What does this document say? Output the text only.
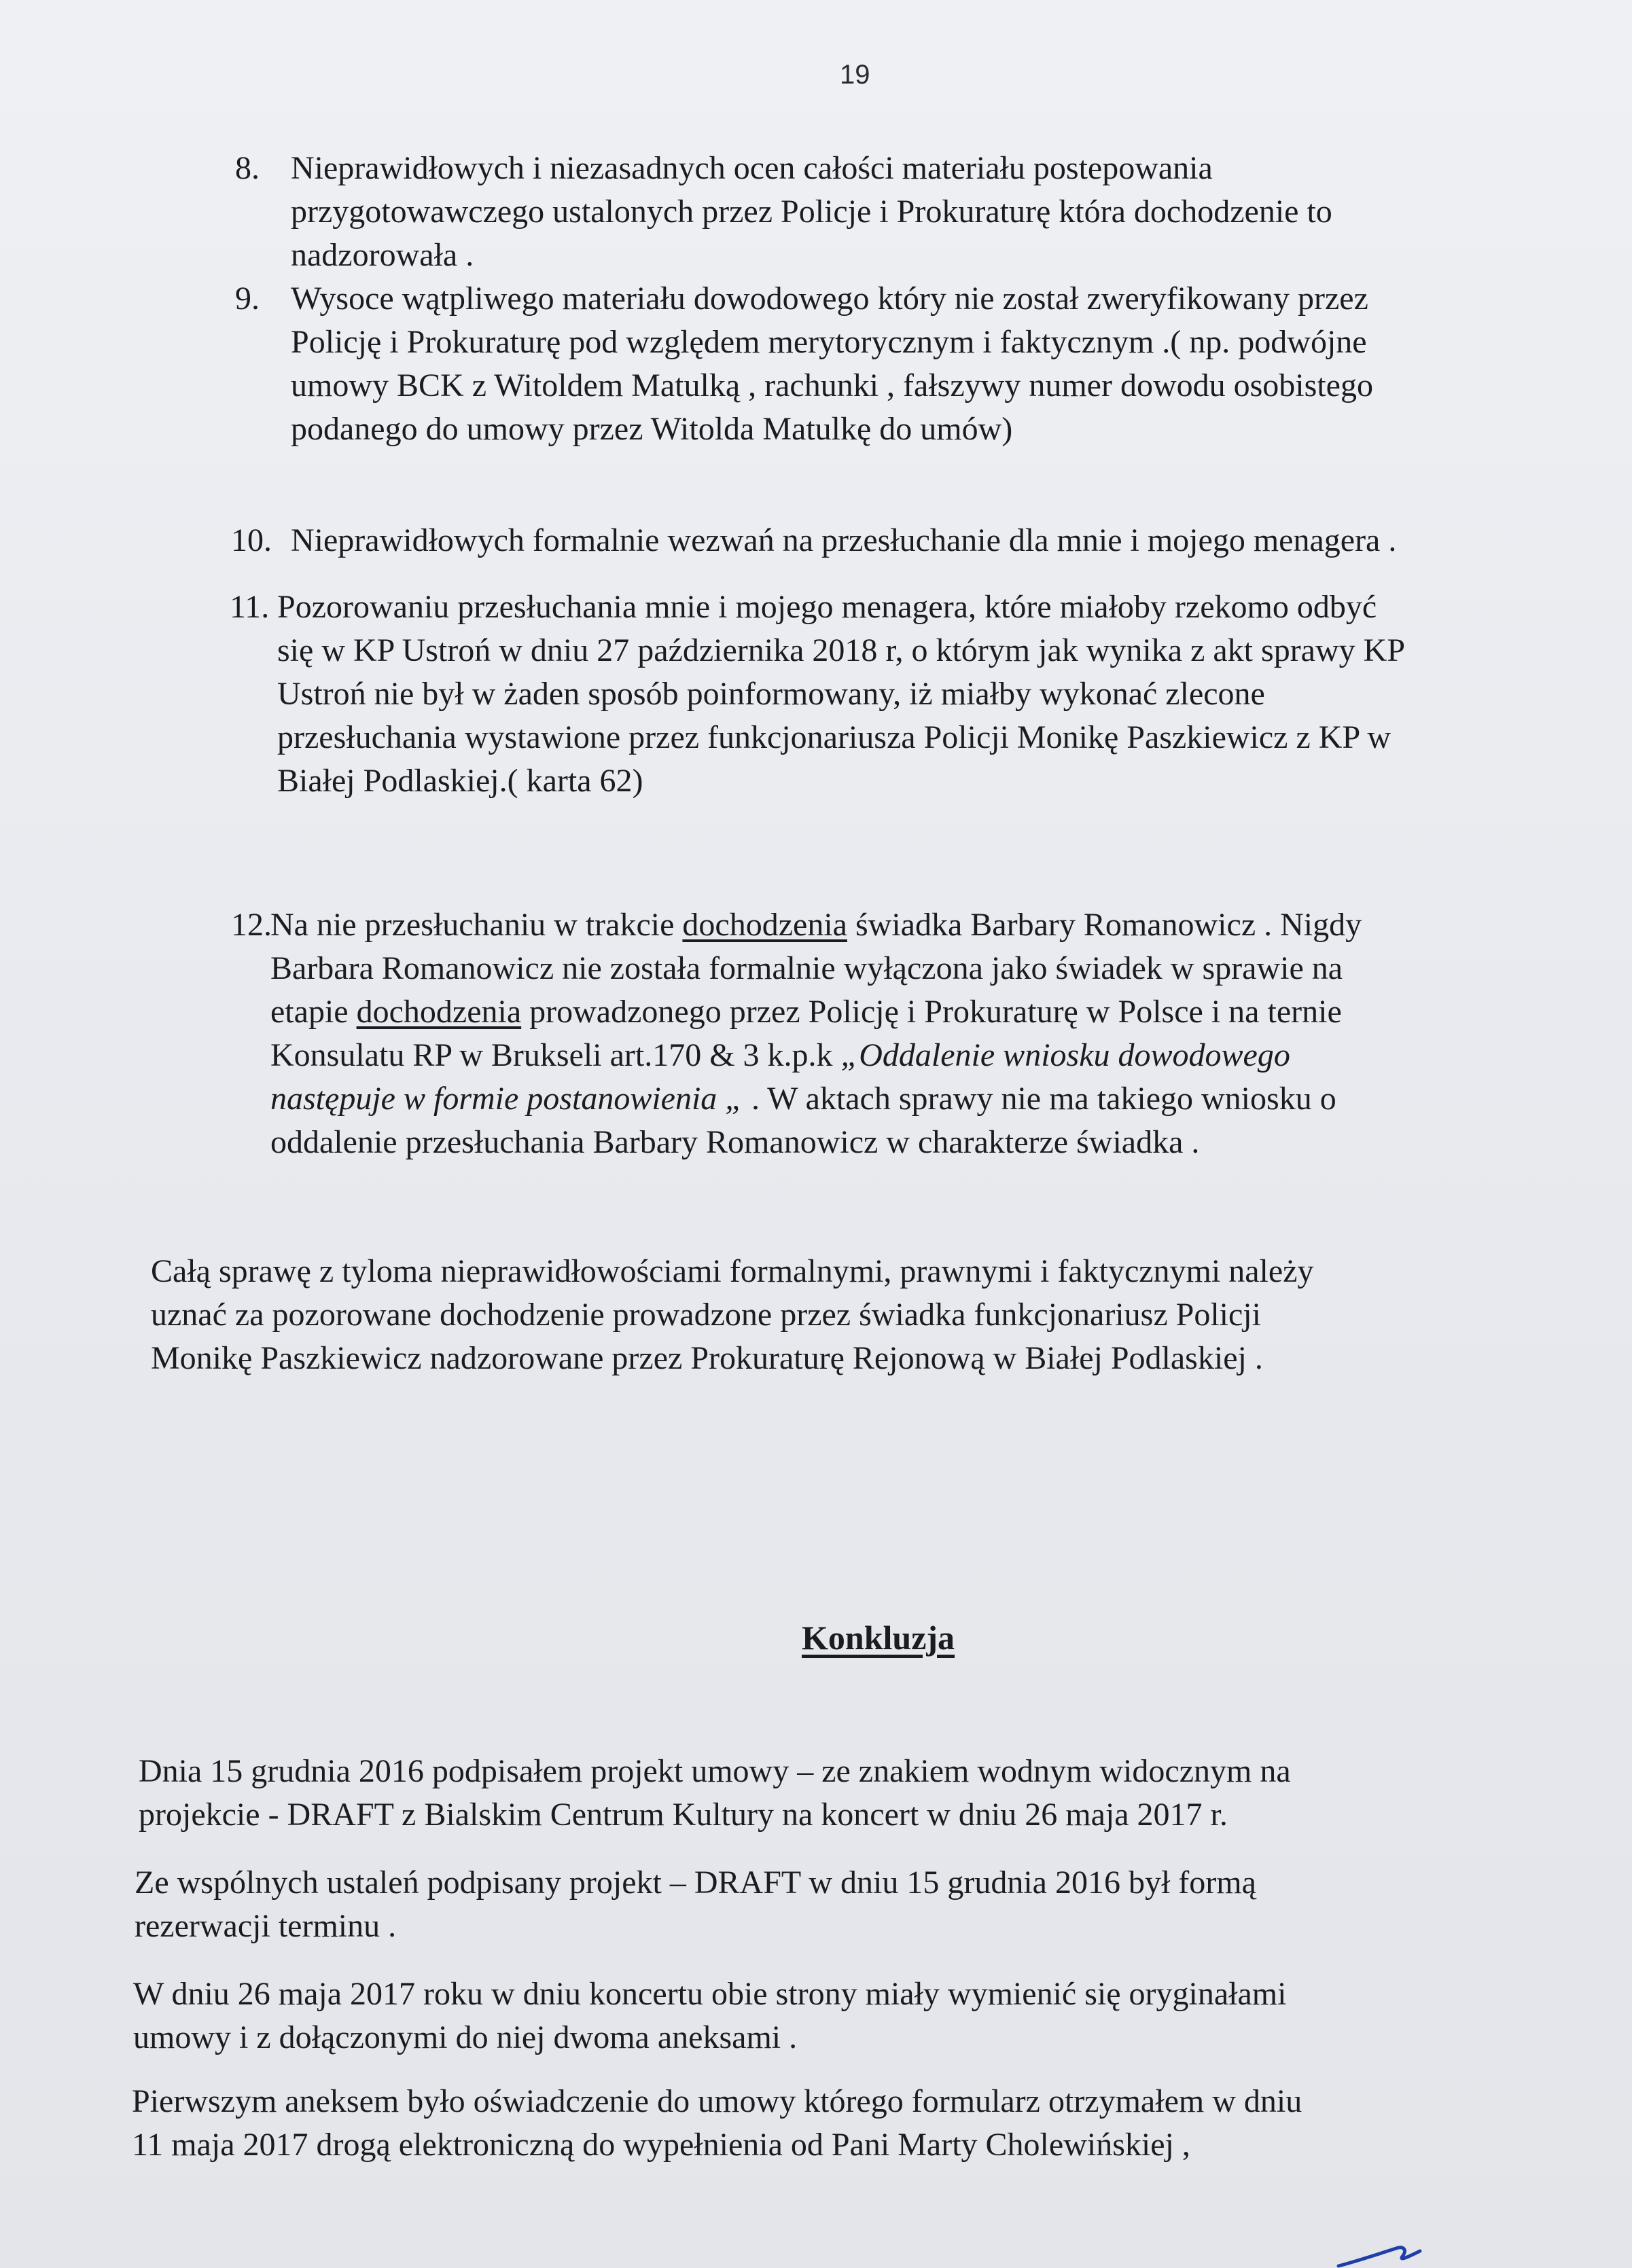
19
8. Nieprawidłowych i niezasadnych ocen całości materiału postepowania
przygotowawczego ustalonych przez Policje i Prokuraturę która dochodzenie to
nadzorowała .
9. Wysoce wątpliwego materiału dowodowego który nie został zweryfikowany przez
Policję i Prokuraturę pod względem merytorycznym i faktycznym .( np. podwójne
umowy BCK z Witoldem Matulką , rachunki , fałszywy numer dowodu osobistego
podanego do umowy przez Witolda Matulkę do umów)
10. Nieprawidłowych formalnie wezwań na przesłuchanie dla mnie i mojego menagera .
11. Pozorowaniu przesłuchania mnie i mojego menagera, które miałoby rzekomo odbyć
się w KP Ustroń w dniu 27 października 2018 r, o którym jak wynika z akt sprawy KP
Ustroń nie był w żaden sposób poinformowany, iż miałby wykonać zlecone
przesłuchania wystawione przez funkcjonariusza Policji Monikę Paszkiewicz z KP w
Białej Podlaskiej.( karta 62)
12.
Na nie przesłuchaniu w trakcie dochodzenia świadka Barbary Romanowicz . Nigdy
Barbara Romanowicz nie została formalnie wyłączona jako świadek w sprawie na
etapie dochodzenia prowadzonego przez Policję i Prokuraturę w Polsce i na ternie
Konsulatu RP w Brukseli art.170 & 3 k.p.k „Oddalenie wniosku dowodowego
następuje w formie postanowienia „ . W aktach sprawy nie ma takiego wniosku o
oddalenie przesłuchania Barbary Romanowicz w charakterze świadka .
Całą sprawę z tyloma nieprawidłowościami formalnymi, prawnymi i faktycznymi należy
uznać za pozorowane dochodzenie prowadzone przez świadka funkcjonariusz Policji
Monikę Paszkiewicz nadzorowane przez Prokuraturę Rejonową w Białej Podlaskiej .
Konkluzja
Dnia 15 grudnia 2016 podpisałem projekt umowy – ze znakiem wodnym widocznym na
projekcie - DRAFT z Bialskim Centrum Kultury na koncert w dniu 26 maja 2017 r.
Ze wspólnych ustaleń podpisany projekt – DRAFT w dniu 15 grudnia 2016 był formą
rezerwacji terminu .
W dniu 26 maja 2017 roku w dniu koncertu obie strony miały wymienić się oryginałami
umowy i z dołączonymi do niej dwoma aneksami .
Pierwszym aneksem było oświadczenie do umowy którego formularz otrzymałem w dniu
11 maja 2017 drogą elektroniczną do wypełnienia od Pani Marty Cholewińskiej ,
